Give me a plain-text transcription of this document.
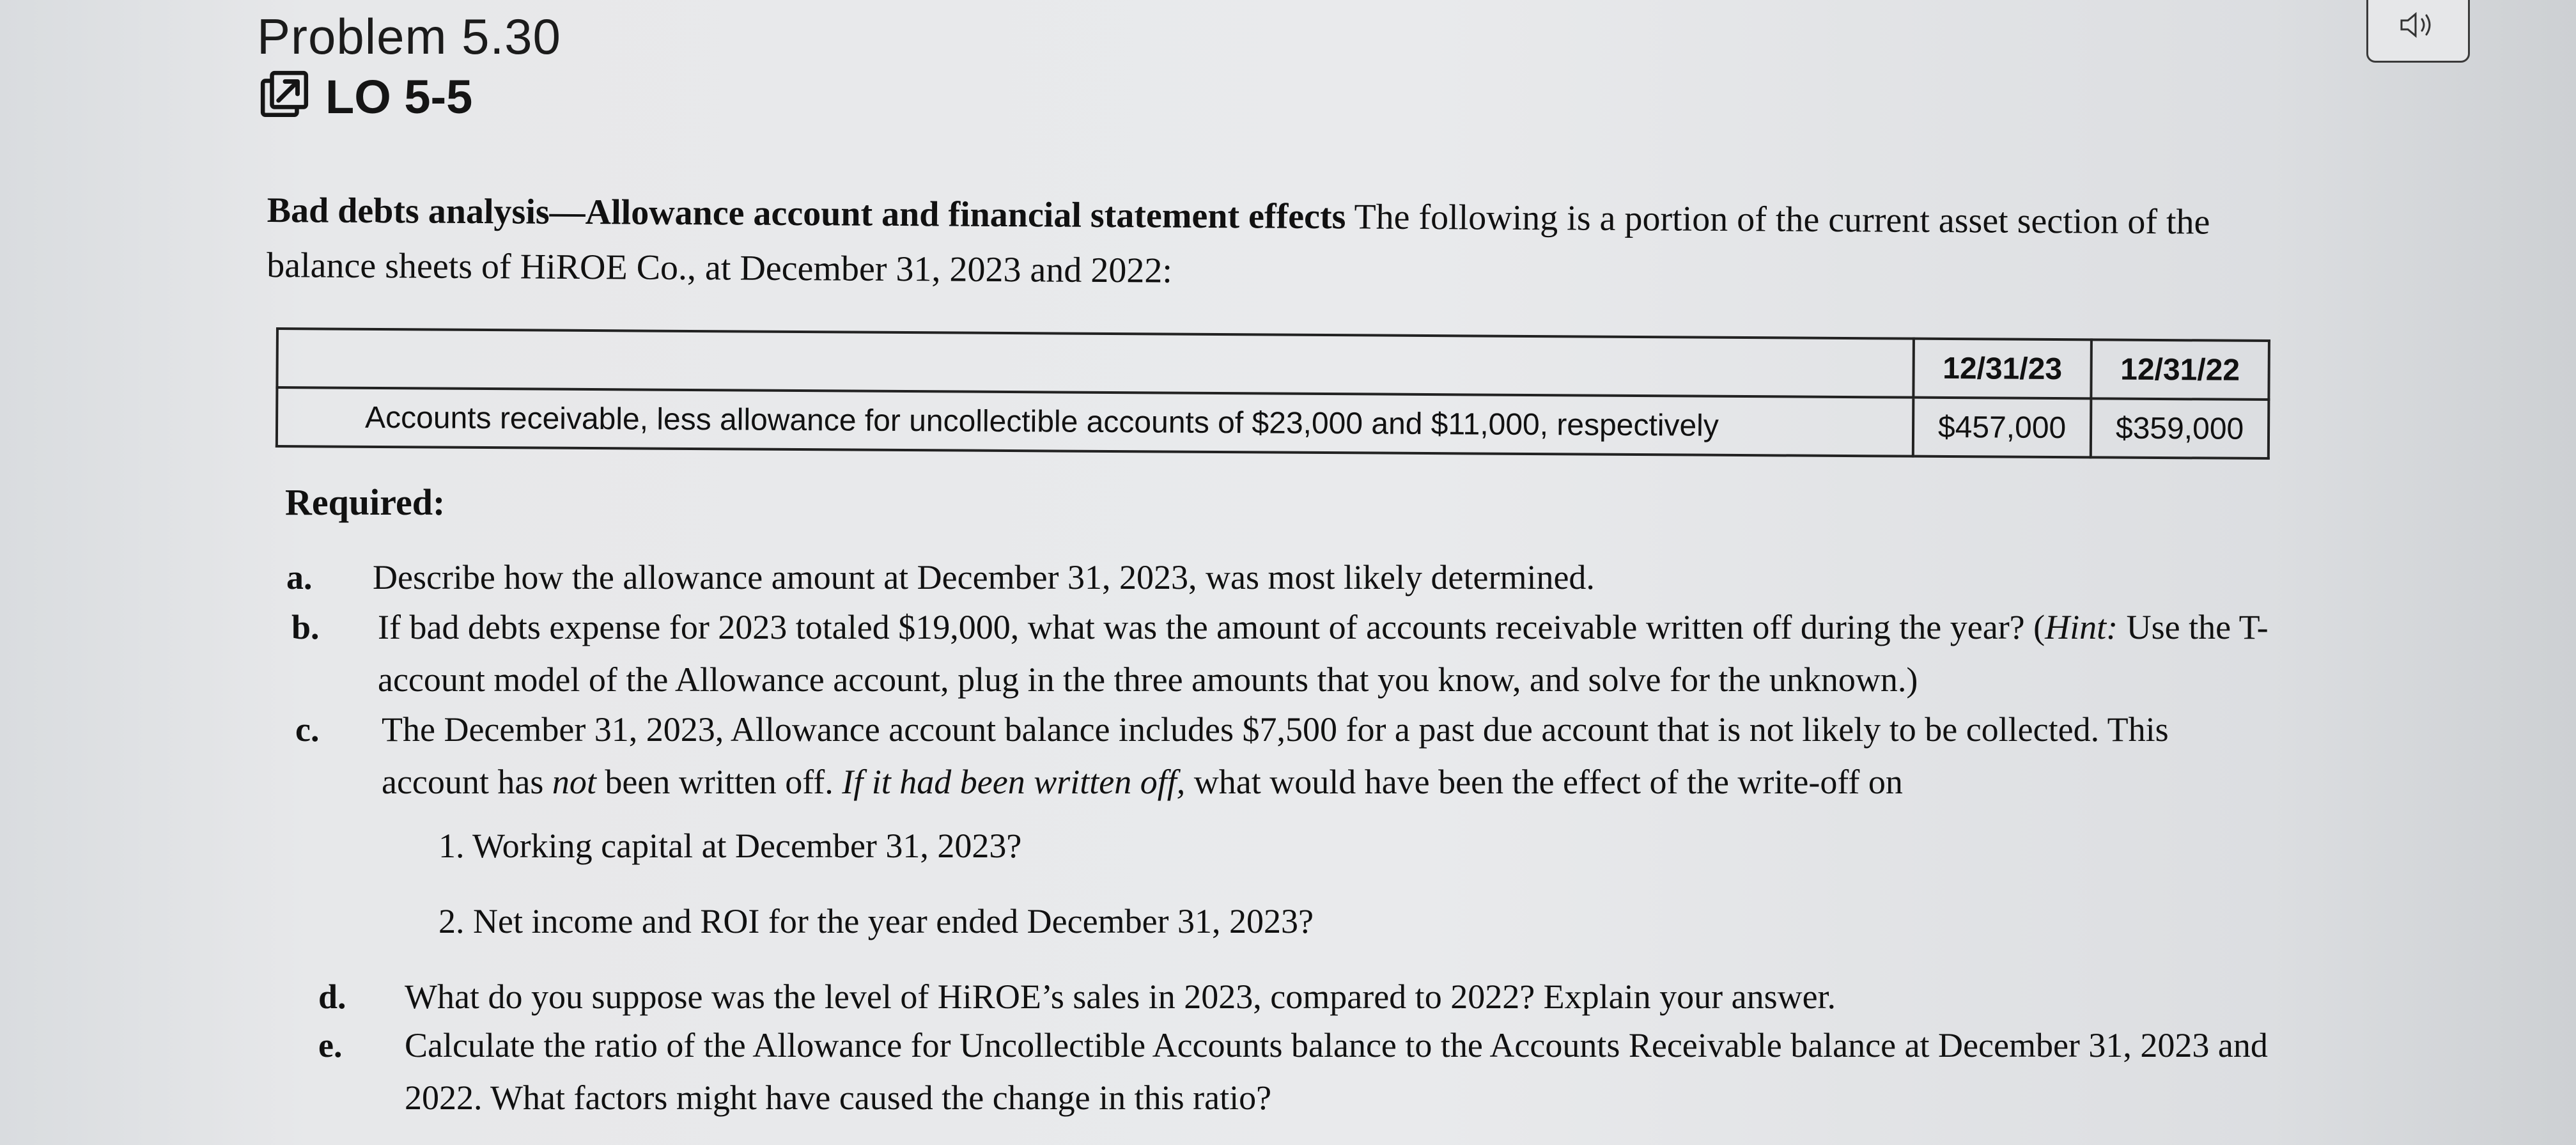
Problem 5.30
LO 5-5
Bad debts analysis—Allowance account and financial statement effects The following is a portion of the current asset section of the balance sheets of HiROE Co., at December 31, 2023 and 2022:
	12/31/23	12/31/22
Accounts receivable, less allowance for uncollectible accounts of $23,000 and $11,000, respectively	$457,000	$359,000
Required:
a. Describe how the allowance amount at December 31, 2023, was most likely determined.
b. If bad debts expense for 2023 totaled $19,000, what was the amount of accounts receivable written off during the year? (Hint: Use the T-account model of the Allowance account, plug in the three amounts that you know, and solve for the unknown.)
c. The December 31, 2023, Allowance account balance includes $7,500 for a past due account that is not likely to be collected. This account has not been written off. If it had been written off, what would have been the effect of the write-off on
1. Working capital at December 31, 2023?
2. Net income and ROI for the year ended December 31, 2023?
d. What do you suppose was the level of HiROE’s sales in 2023, compared to 2022? Explain your answer.
e. Calculate the ratio of the Allowance for Uncollectible Accounts balance to the Accounts Receivable balance at December 31, 2023 and 2022. What factors might have caused the change in this ratio?
